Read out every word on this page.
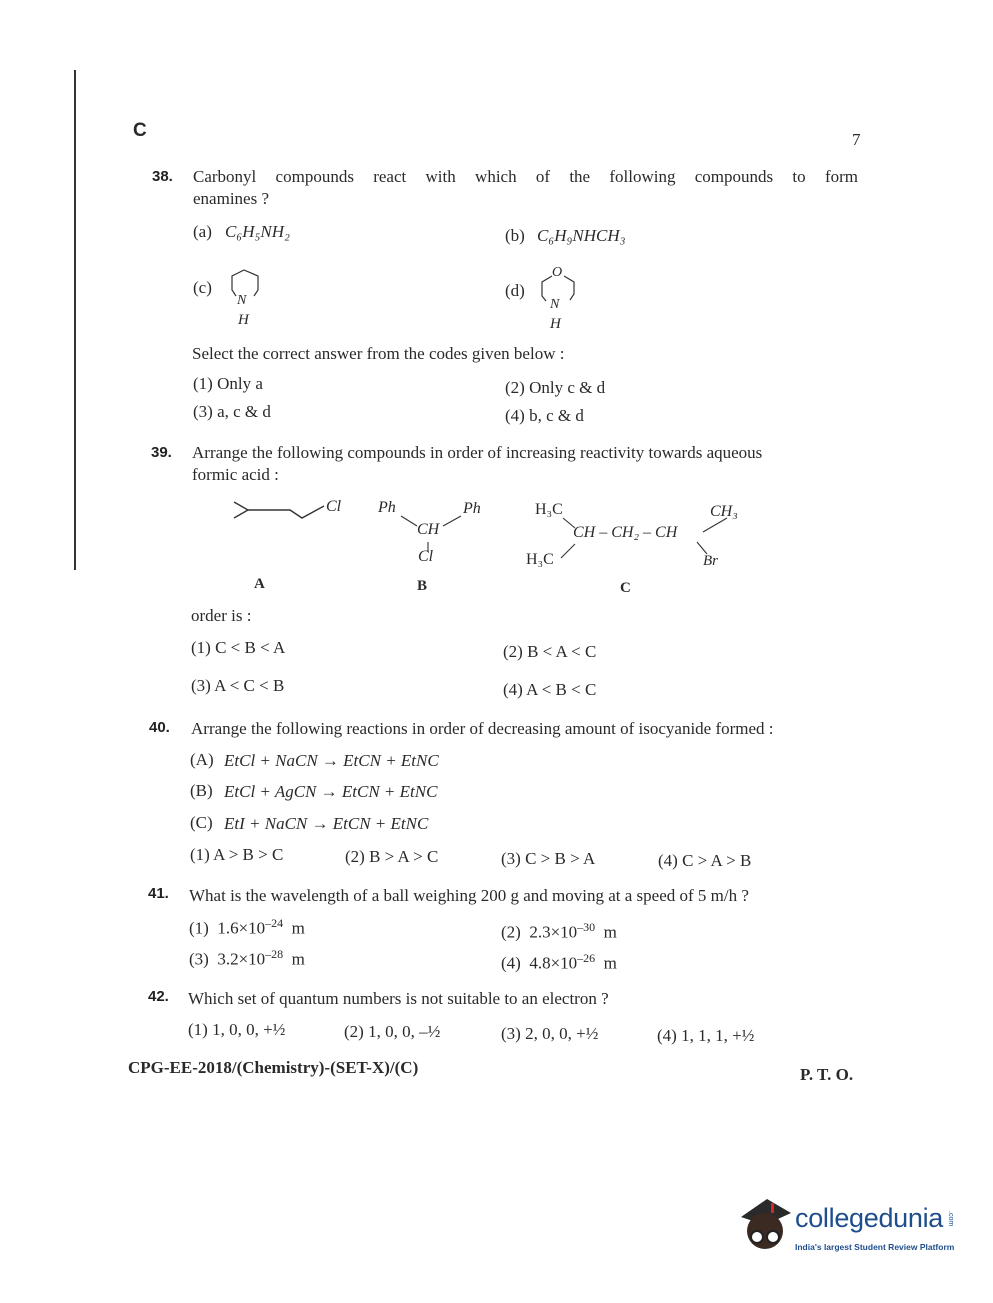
C	7
38. Carbonyl compounds react with which of the following compounds to form
enamines ?
(a) C₆H₅NH₂	(b) C₆H₉NHCH₃
(c)
N
H
(d)
O
N
H
Select the correct answer from the codes given below :
(1) Only a	(2) Only c & d
(3) a, c & d	(4) b, c & d
39. Arrange the following compounds in order of increasing reactivity towards aqueous
formic acid :
Cl
A
Ph	Ph
CH
Cl
B
H₃C
CH – CH₂ – CH
CH₃
H₃C	Br
C
order is :
(1) C < B < A	(2) B < A < C
(3) A < C < B	(4) A < B < C
40. Arrange the following reactions in order of decreasing amount of isocyanide formed :
(A) EtCl + NaCN → EtCN + EtNC
(B) EtCl + AgCN → EtCN + EtNC
(C) EtI + NaCN → EtCN + EtNC
(1) A > B > C	(2) B > A > C	(3) C > B > A	(4) C > A > B
41. What is the wavelength of a ball weighing 200 g and moving at a speed of 5 m/h ?
(1) $1.6\times 10^{-24}$ m	(2) $2.3\times 10^{-30}$ m
(3) $3.2\times 10^{-28}$ m	(4) $4.8\times 10^{-26}$ m
42. Which set of quantum numbers is not suitable to an electron ?
(1) 1, 0, 0, +½	(2) 1, 0, 0, –½	(3) 2, 0, 0, +½	(4) 1, 1, 1, +½
CPG-EE-2018/(Chemistry)-(SET-X)/(C)	P. T. O.
collegedunia .com
India's largest Student Review Platform
